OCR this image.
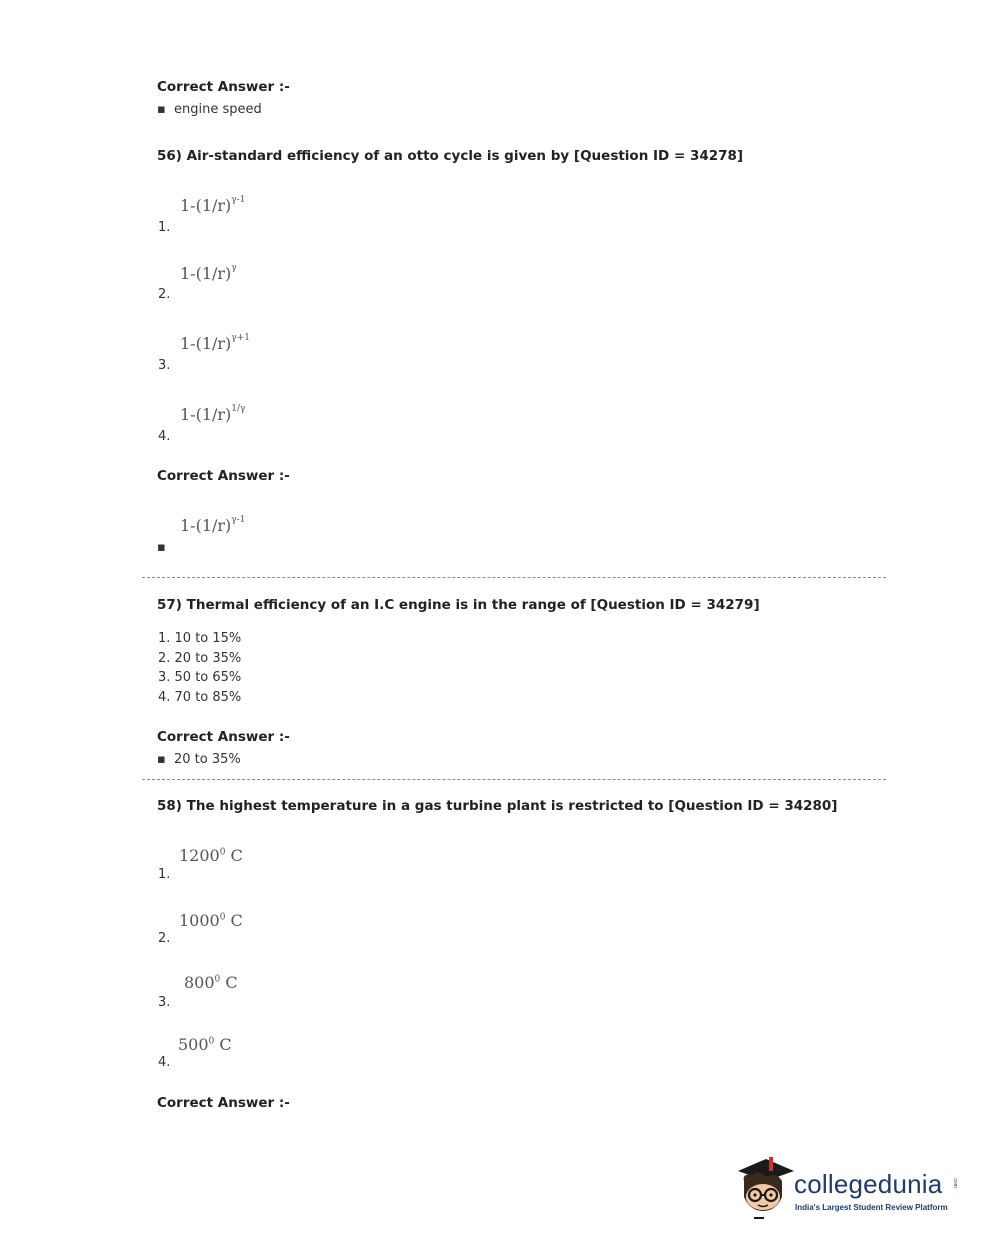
Correct Answer :-
▪ engine speed
56) Air-standard efficiency of an otto cycle is given by [Question ID = 34278]
$1-(1/r)^{\gamma-1}$
1.
$1-(1/r)^\gamma$
2.
$1-(1/r)^{\gamma+1}$
3.
$1-(1/r)^{1/\gamma}$
4.
Correct Answer :-
$1-(1/r)^{\gamma-1}$
▪
57) Thermal efficiency of an I.C engine is in the range of [Question ID = 34279]
1. 10 to 15%
2. 20 to 35%
3. 50 to 65%
4. 70 to 85%
Correct Answer :-
▪ 20 to 35%
58) The highest temperature in a gas turbine plant is restricted to [Question ID = 34280]
1200$^0$ C
1.
1000$^0$ C
2.
$800^0$ C
3.
$500^0$ C
4.
Correct Answer :-
collegedunia .com
India's Largest Student Review Platform
